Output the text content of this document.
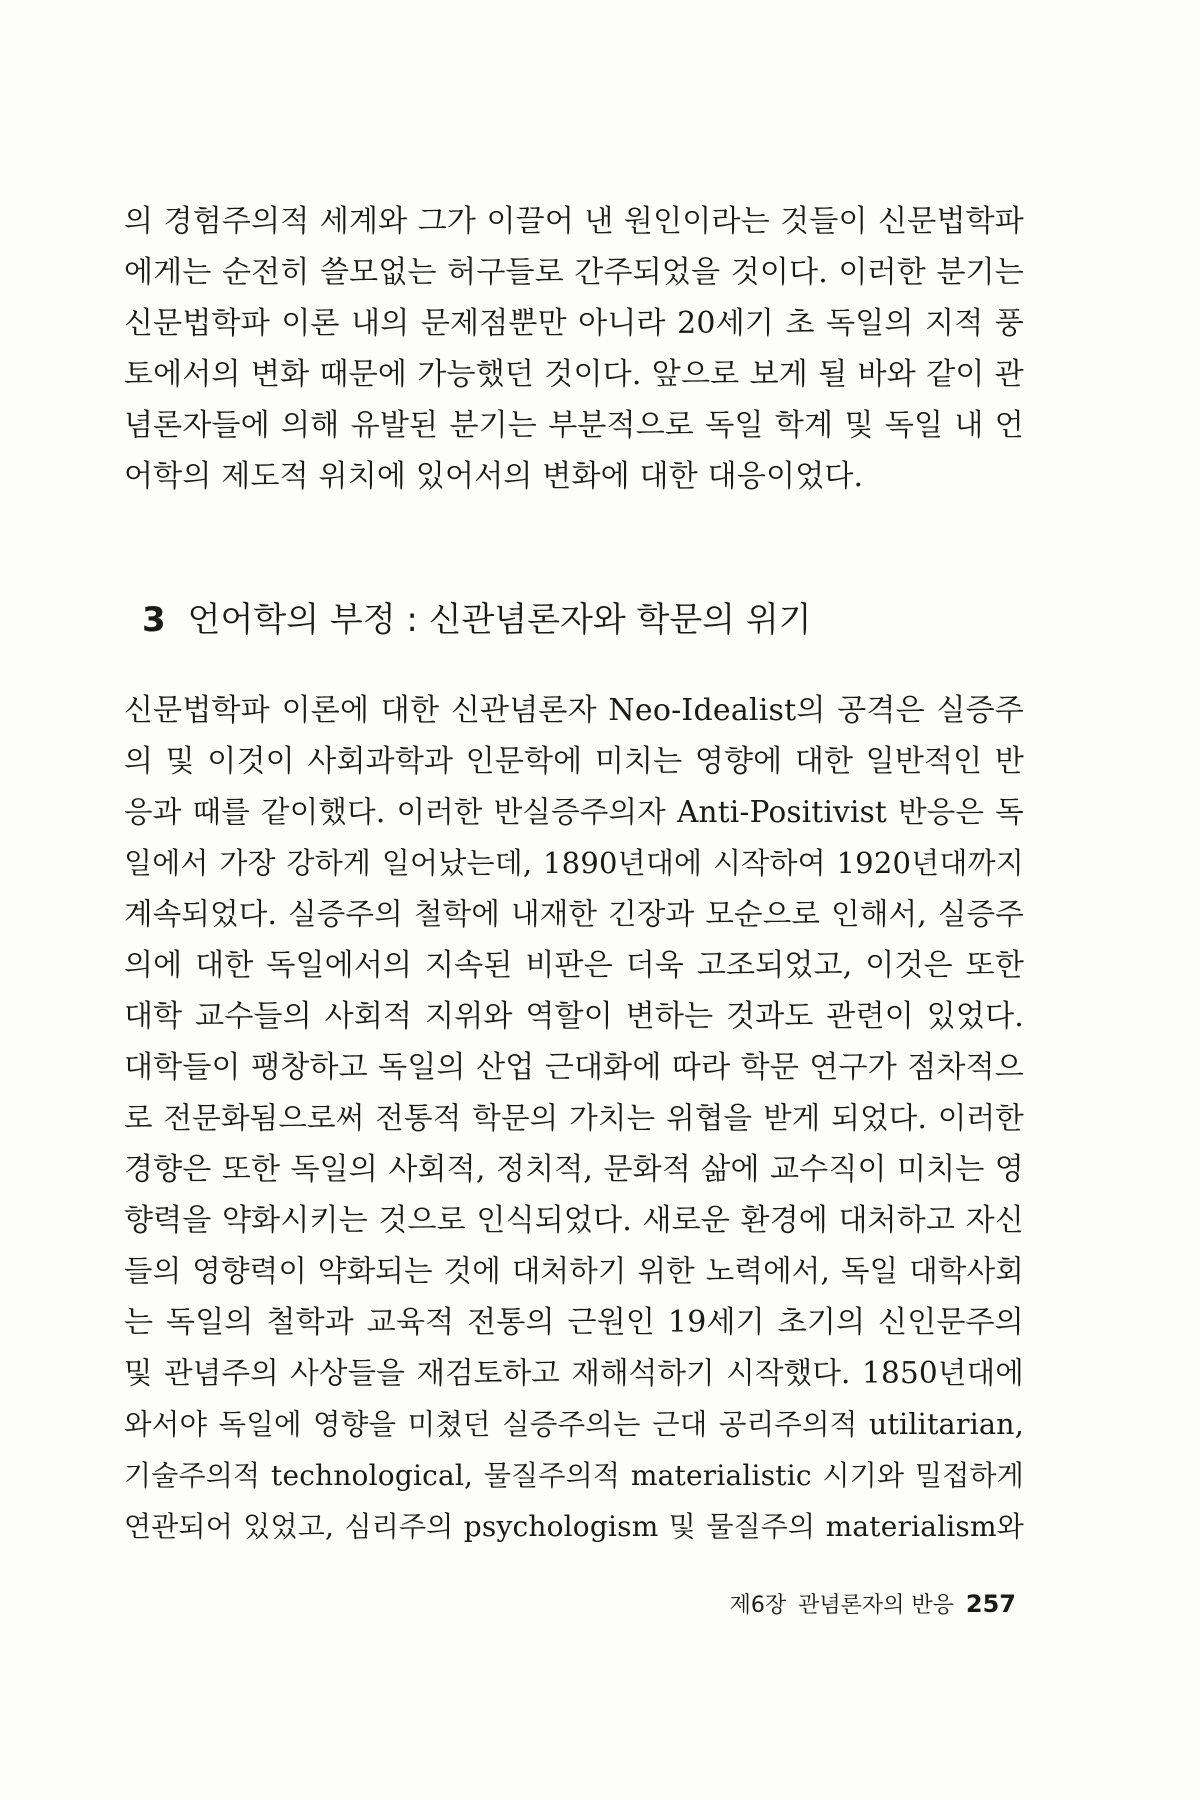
의 경험주의적 세계와 그가 이끌어 낸 원인이라는 것들이 신문법학파
에게는 순전히 쓸모없는 허구들로 간주되었을 것이다. 이러한 분기는
신문법학파 이론 내의 문제점뿐만 아니라 20세기 초 독일의 지적 풍
토에서의 변화 때문에 가능했던 것이다. 앞으로 보게 될 바와 같이 관
념론자들에 의해 유발된 분기는 부분적으로 독일 학계 및 독일 내 언
어학의 제도적 위치에 있어서의 변화에 대한 대응이었다.
3 언어학의 부정 : 신관념론자와 학문의 위기
신문법학파 이론에 대한 신관념론자 Neo-Idealist의 공격은 실증주
의 및 이것이 사회과학과 인문학에 미치는 영향에 대한 일반적인 반
응과 때를 같이했다. 이러한 반실증주의자 Anti-Positivist 반응은 독
일에서 가장 강하게 일어났는데, 1890년대에 시작하여 1920년대까지
계속되었다. 실증주의 철학에 내재한 긴장과 모순으로 인해서, 실증주
의에 대한 독일에서의 지속된 비판은 더욱 고조되었고, 이것은 또한
대학 교수들의 사회적 지위와 역할이 변하는 것과도 관련이 있었다.
대학들이 팽창하고 독일의 산업 근대화에 따라 학문 연구가 점차적으
로 전문화됨으로써 전통적 학문의 가치는 위협을 받게 되었다. 이러한
경향은 또한 독일의 사회적, 정치적, 문화적 삶에 교수직이 미치는 영
향력을 약화시키는 것으로 인식되었다. 새로운 환경에 대처하고 자신
들의 영향력이 약화되는 것에 대처하기 위한 노력에서, 독일 대학사회
는 독일의 철학과 교육적 전통의 근원인 19세기 초기의 신인문주의
및 관념주의 사상들을 재검토하고 재해석하기 시작했다. 1850년대에
와서야 독일에 영향을 미쳤던 실증주의는 근대 공리주의적 utilitarian,
기술주의적 technological, 물질주의적 materialistic 시기와 밀접하게
연관되어 있었고, 심리주의 psychologism 및 물질주의 materialism와
제6장 관념론자의 반응 257
